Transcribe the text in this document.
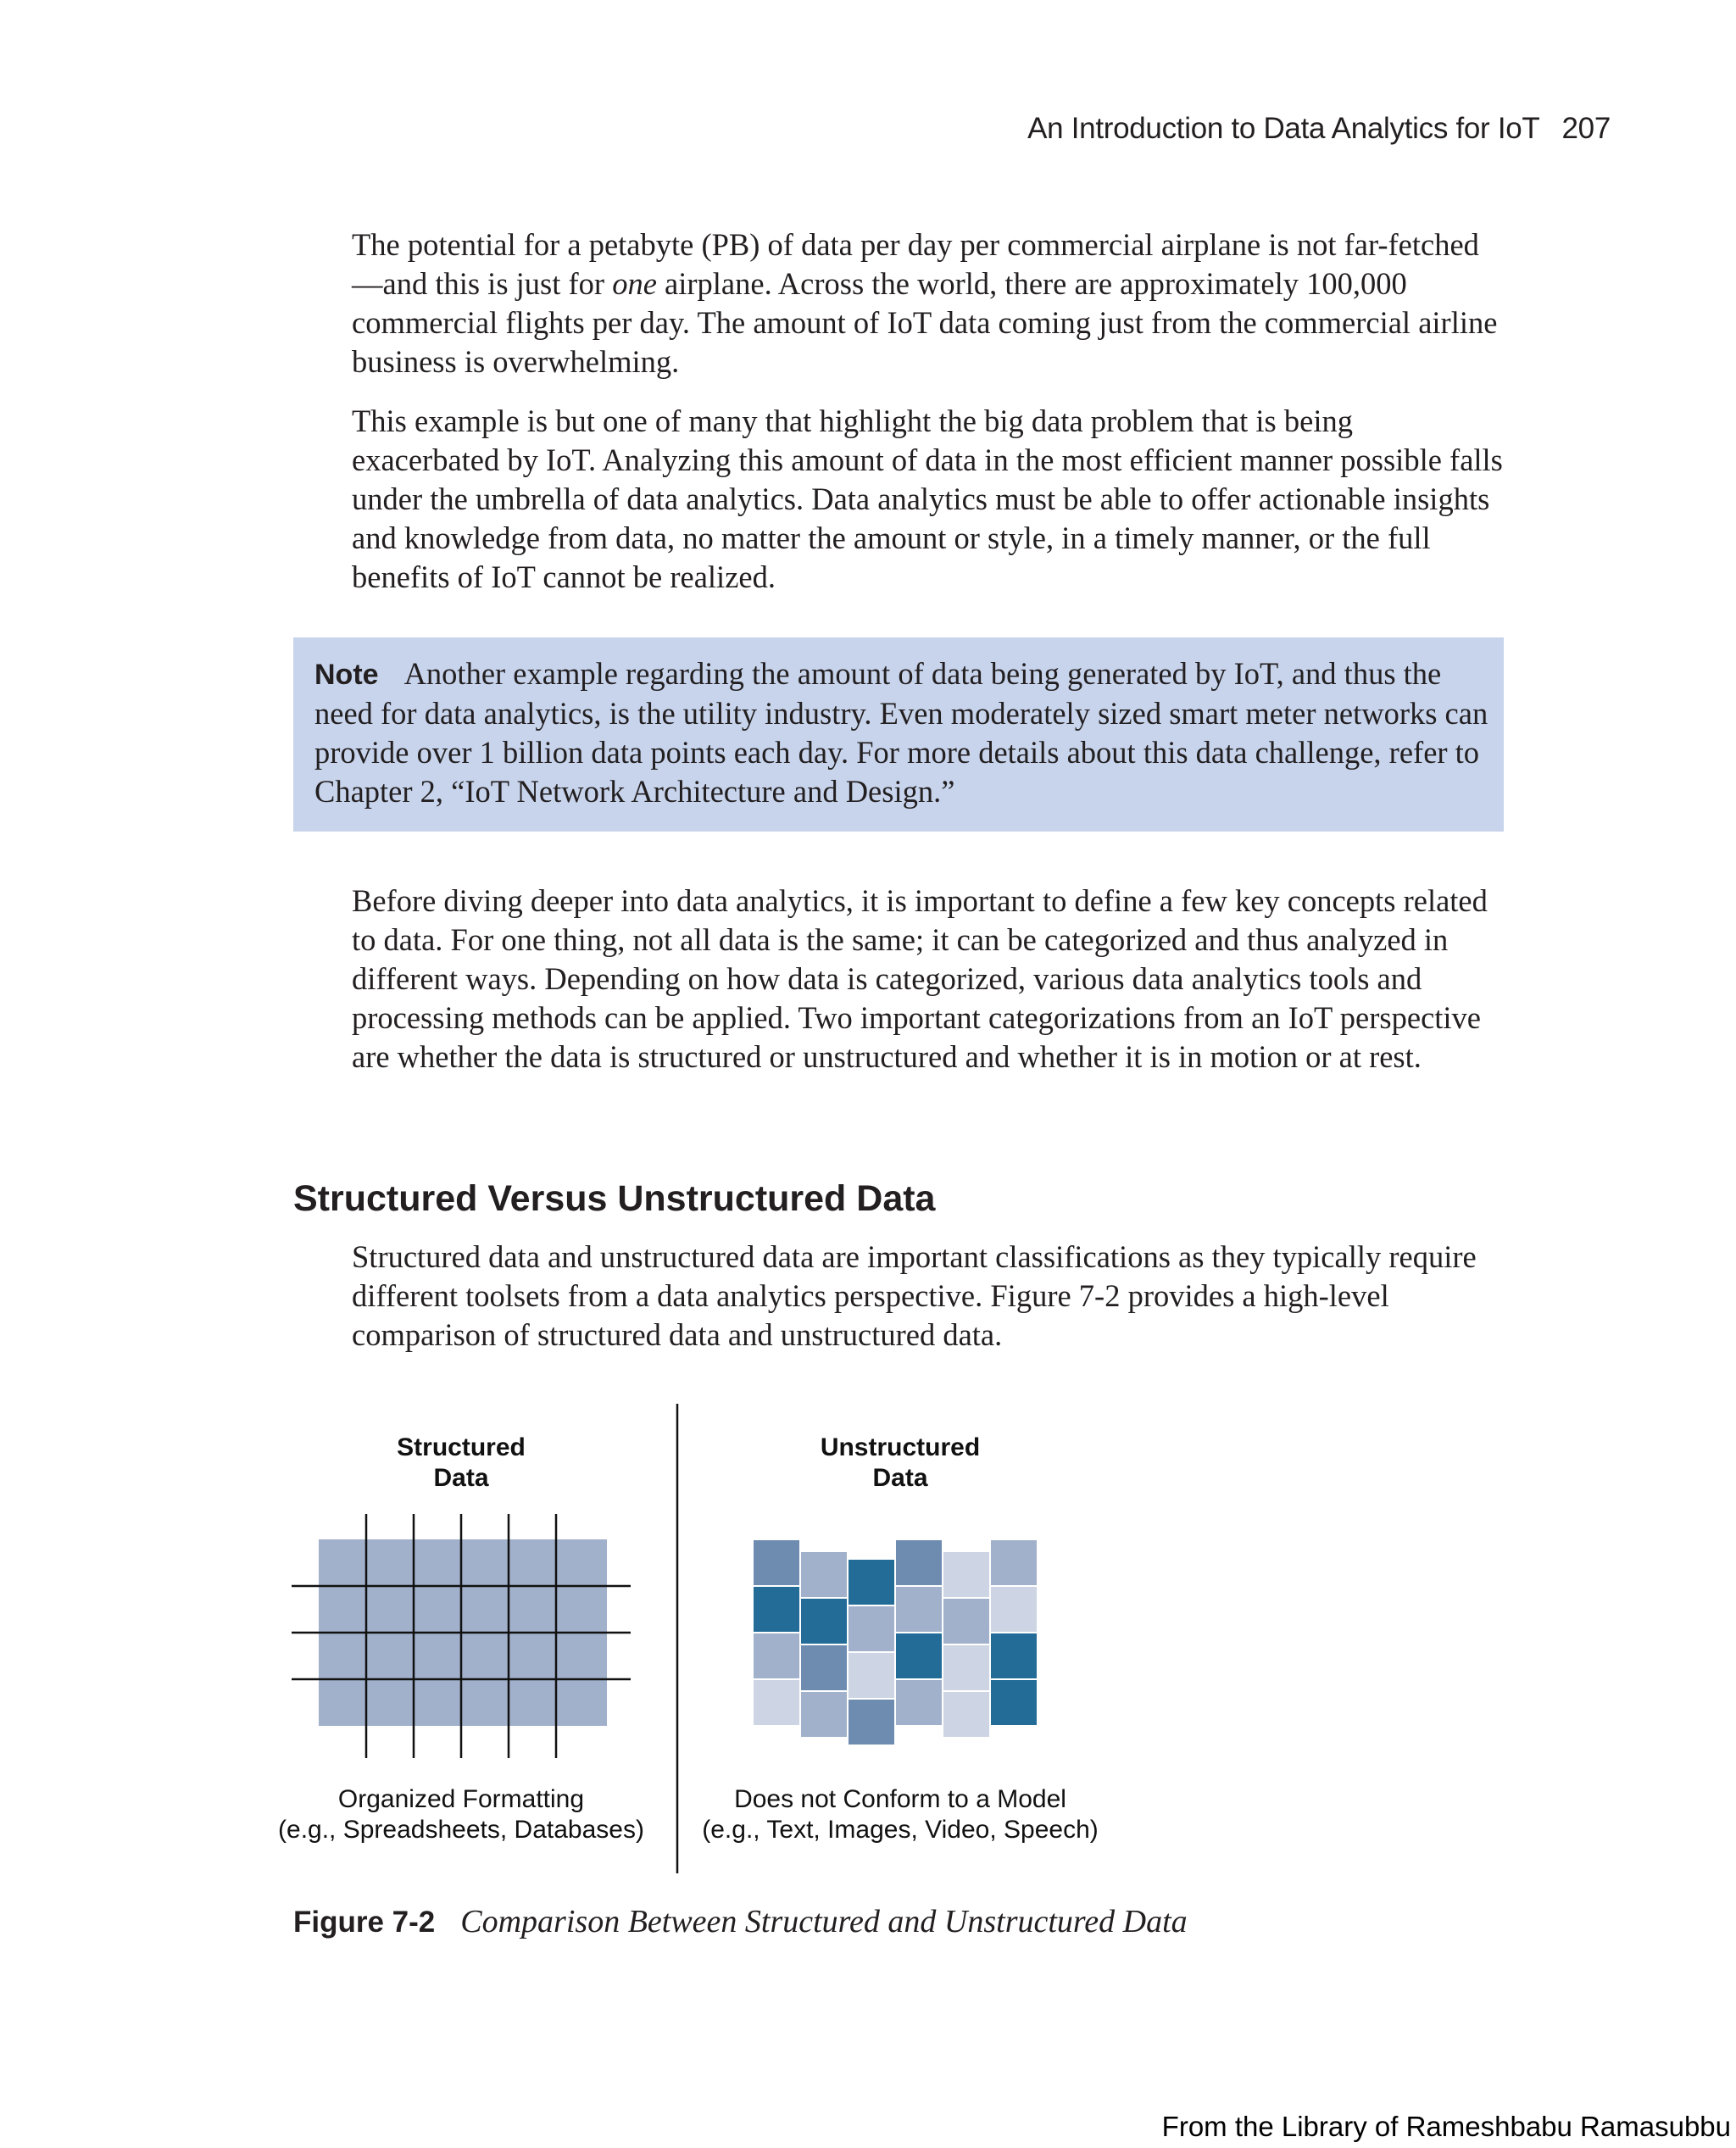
An Introduction to Data Analytics for IoT 207

The potential for a petabyte (PB) of data per day per commercial airplane is not far-fetched—and this is just for one airplane. Across the world, there are approximately 100,000 commercial flights per day. The amount of IoT data coming just from the commercial airline business is overwhelming.

This example is but one of many that highlight the big data problem that is being exacerbated by IoT. Analyzing this amount of data in the most efficient manner possible falls under the umbrella of data analytics. Data analytics must be able to offer actionable insights and knowledge from data, no matter the amount or style, in a timely manner, or the full benefits of IoT cannot be realized.

Note Another example regarding the amount of data being generated by IoT, and thus the need for data analytics, is the utility industry. Even moderately sized smart meter networks can provide over 1 billion data points each day. For more details about this data challenge, refer to Chapter 2, “IoT Network Architecture and Design.”

Before diving deeper into data analytics, it is important to define a few key concepts related to data. For one thing, not all data is the same; it can be categorized and thus analyzed in different ways. Depending on how data is categorized, various data analytics tools and processing methods can be applied. Two important categorizations from an IoT perspective are whether the data is structured or unstructured and whether it is in motion or at rest.

Structured Versus Unstructured Data

Structured data and unstructured data are important classifications as they typically require different toolsets from a data analytics perspective. Figure 7-2 provides a high-level comparison of structured data and unstructured data.

Structured
Data
Unstructured
Data
Organized Formatting
(e.g., Spreadsheets, Databases)
Does not Conform to a Model
(e.g., Text, Images, Video, Speech)

Figure 7-2 Comparison Between Structured and Unstructured Data

From the Library of Rameshbabu Ramasubbu
